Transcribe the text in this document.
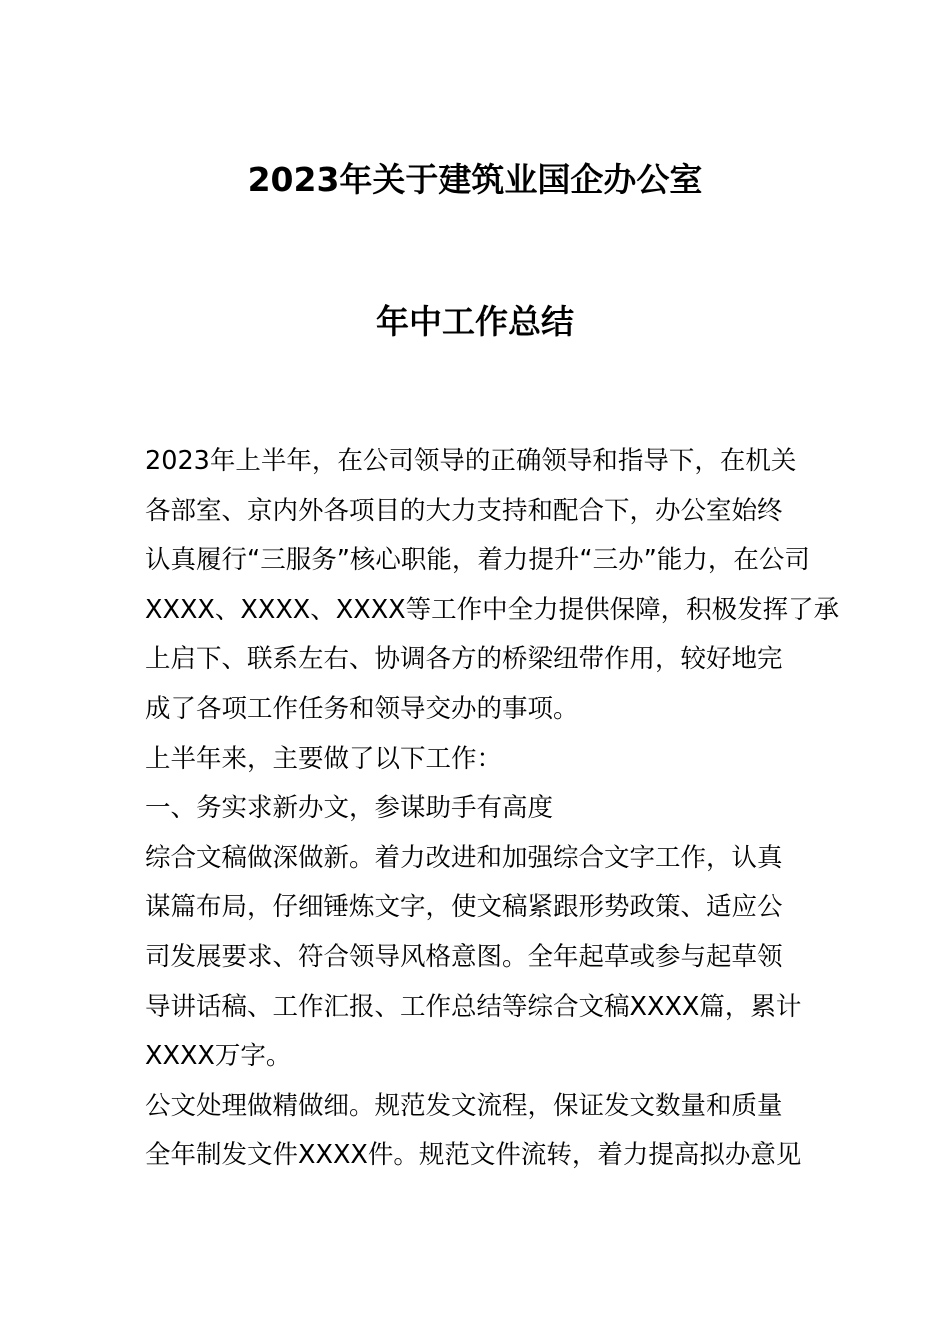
2023年关于建筑业国企办公室
年中工作总结
2023年上半年，在公司领导的正确领导和指导下，在机关
各部室、京内外各项目的大力支持和配合下，办公室始终
认真履行“三服务”核心职能，着力提升“三办”能力，在公司
XXXX、XXXX、XXXX等工作中全力提供保障，积极发挥了承
上启下、联系左右、协调各方的桥梁纽带作用，较好地完
成了各项工作任务和领导交办的事项。
上半年来，主要做了以下工作：
一、务实求新办文，参谋助手有高度
综合文稿做深做新。着力改进和加强综合文字工作，认真
谋篇布局，仔细锤炼文字，使文稿紧跟形势政策、适应公
司发展要求、符合领导风格意图。全年起草或参与起草领
导讲话稿、工作汇报、工作总结等综合文稿XXXX篇，累计
XXXX万字。
公文处理做精做细。规范发文流程，保证发文数量和质量
全年制发文件XXXX件。规范文件流转，着力提高拟办意见
